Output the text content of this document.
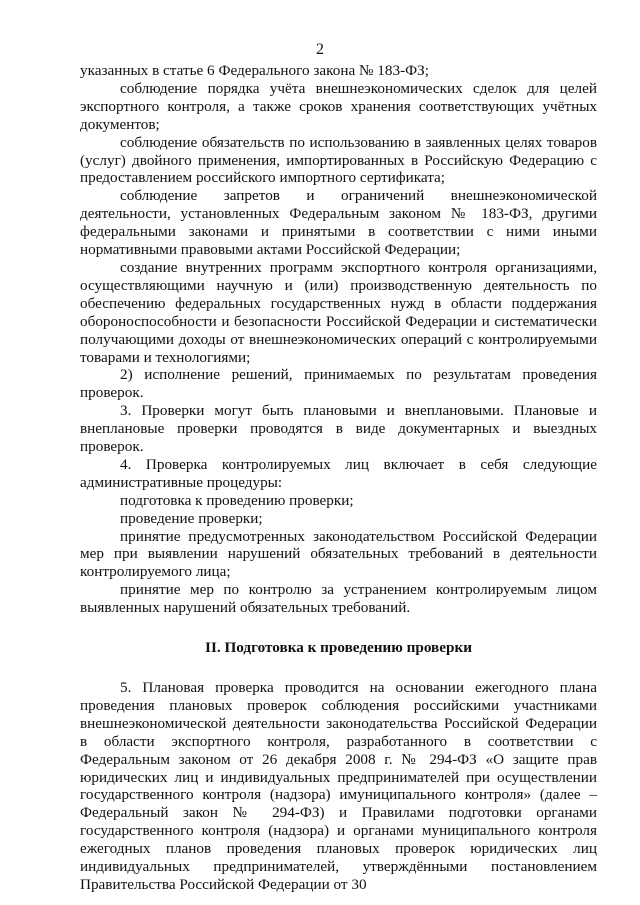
2

указанных в статье 6 Федерального закона № 183-ФЗ;

соблюдение порядка учёта внешнеэкономических сделок для целей экспортного контроля, а также сроков хранения соответствующих учётных документов;

соблюдение обязательств по использованию в заявленных целях товаров (услуг) двойного применения, импортированных в Российскую Федерацию с предоставлением российского импортного сертификата;

соблюдение запретов и ограничений внешнеэкономической деятельности, установленных Федеральным законом № 183-ФЗ, другими федеральными законами и принятыми в соответствии с ними иными нормативными правовыми актами Российской Федерации;

создание внутренних программ экспортного контроля организациями, осуществляющими научную и (или) производственную деятельность по обеспечению федеральных государственных нужд в области поддержания обороноспособности и безопасности Российской Федерации и систематически получающими доходы от внешнеэкономических операций с контролируемыми товарами и технологиями;

2) исполнение решений, принимаемых по результатам проведения проверок.

3. Проверки могут быть плановыми и внеплановыми. Плановые и внеплановые проверки проводятся в виде документарных и выездных проверок.

4. Проверка контролируемых лиц включает в себя следующие административные процедуры:

подготовка к проведению проверки;

проведение проверки;

принятие предусмотренных законодательством Российской Федерации мер при выявлении нарушений обязательных требований в деятельности контролируемого лица;

принятие мер по контролю за устранением контролируемым лицом выявленных нарушений обязательных требований.

II. Подготовка к проведению проверки

5. Плановая проверка проводится на основании ежегодного плана проведения плановых проверок соблюдения российскими участниками внешнеэкономической деятельности законодательства Российской Федерации в области экспортного контроля, разработанного в соответствии с Федеральным законом от 26 декабря 2008 г. № 294-ФЗ «О защите прав юридических лиц и индивидуальных предпринимателей при осуществлении государственного контроля (надзора) имуниципального контроля» (далее – Федеральный закон № 294-ФЗ) и Правилами подготовки органами государственного контроля (надзора) и органами муниципального контроля ежегодных планов проведения плановых проверок юридических лиц индивидуальных предпринимателей, утверждёнными постановлением Правительства Российской Федерации от 30
